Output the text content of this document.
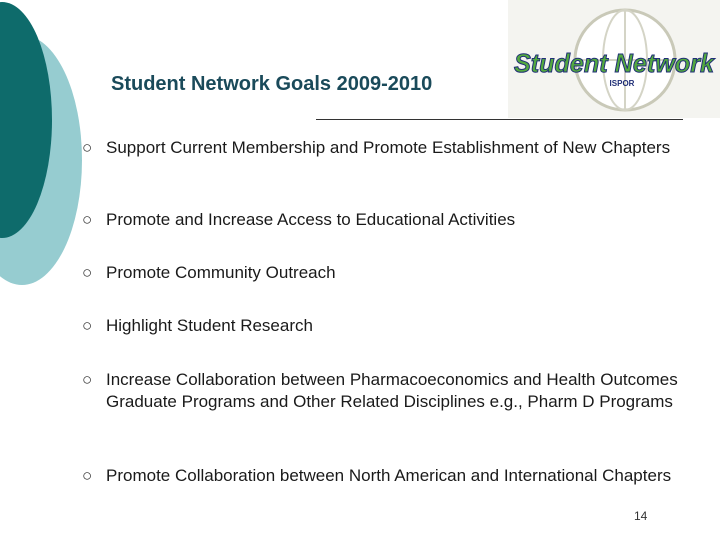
Student Network Goals 2009-2010
Student Network
ISPOR
○ Support Current Membership and Promote Establishment of New Chapters
○ Promote and Increase Access to Educational Activities
○ Promote Community Outreach
○ Highlight Student Research
○ Increase Collaboration between Pharmacoeconomics and Health Outcomes Graduate Programs and Other Related Disciplines e.g., Pharm D Programs
○ Promote Collaboration between North American and International Chapters
14
